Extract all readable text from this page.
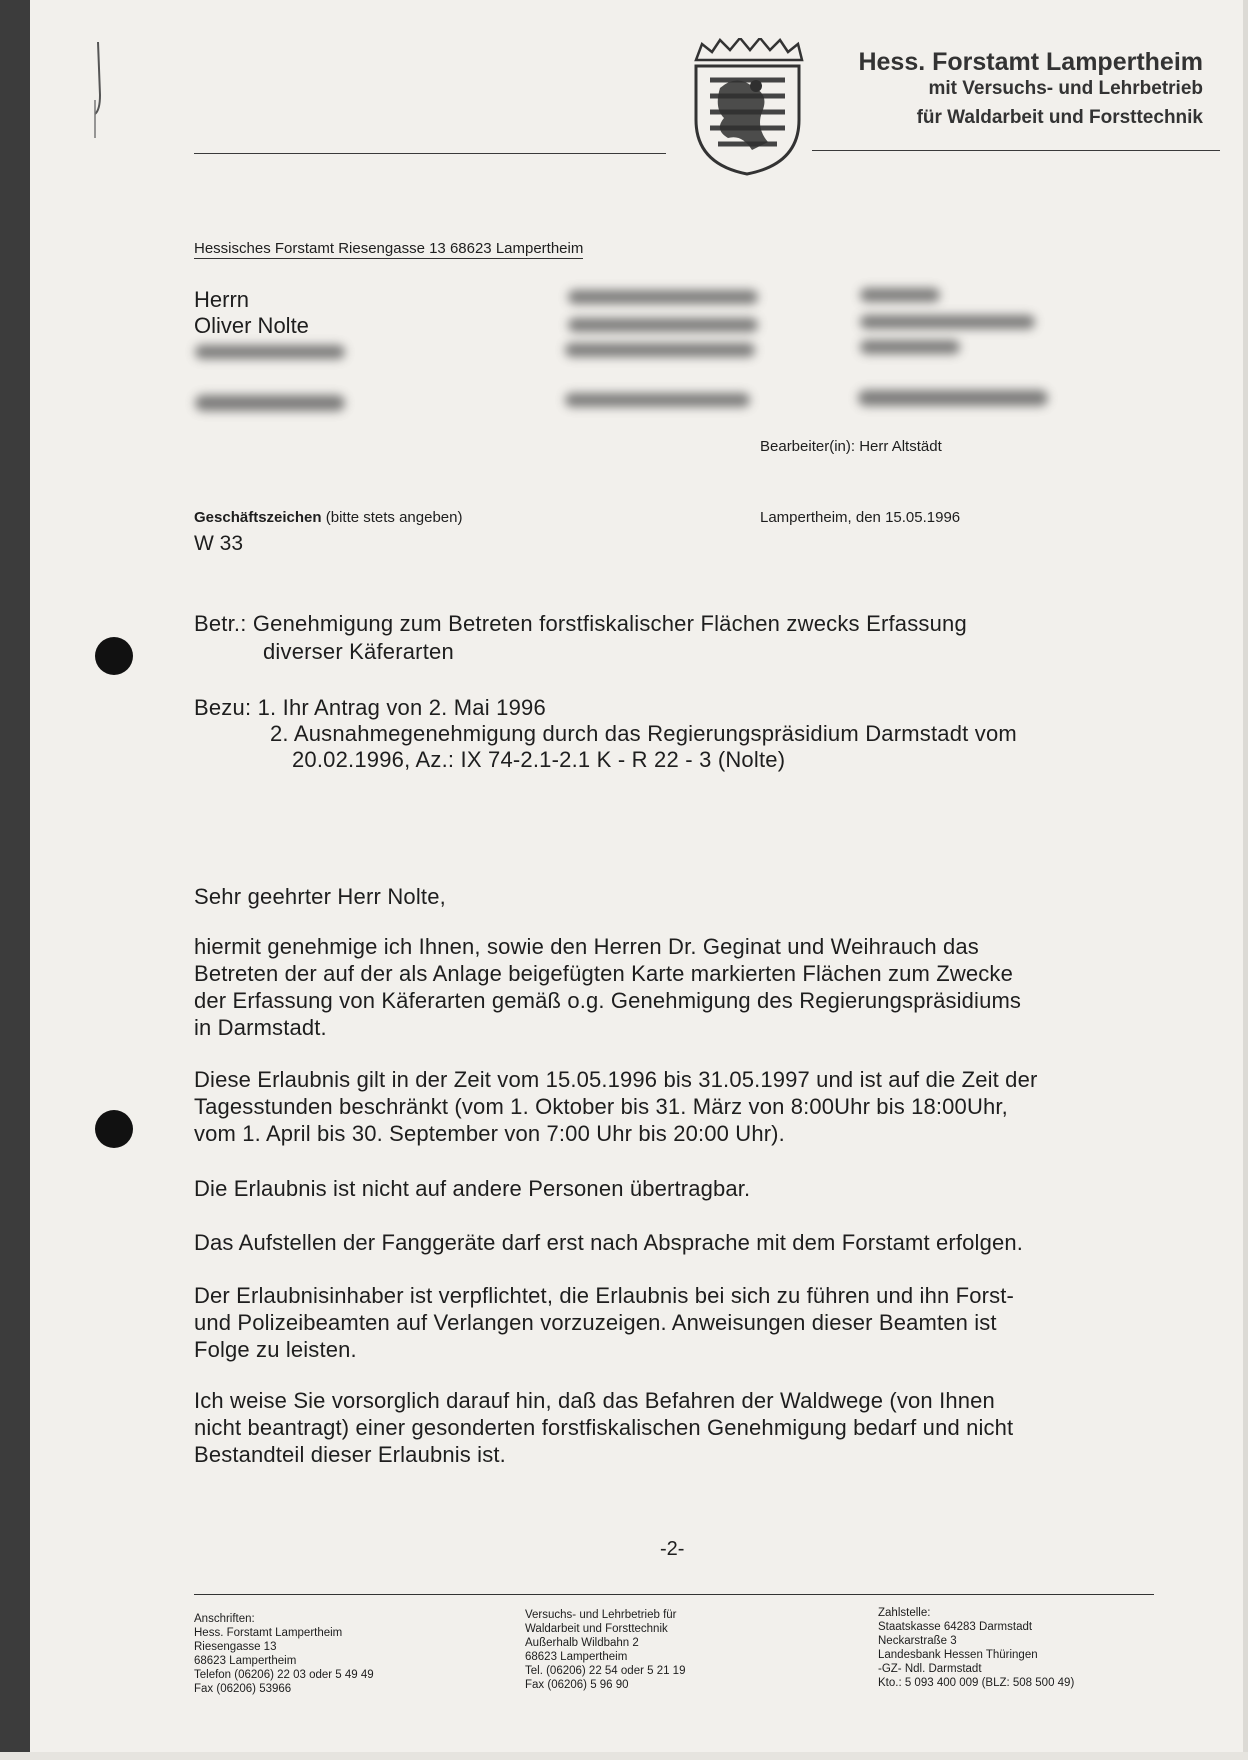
Hess. Forstamt Lampertheim
mit Versuchs- und Lehrbetrieb
für Waldarbeit und Forsttechnik
Hessisches Forstamt Riesengasse 13 68623 Lampertheim
Herrn
Oliver Nolte
Bearbeiter(in): Herr Altstädt
Geschäftszeichen (bitte stets angeben)
W 33
Lampertheim, den 15.05.1996
Betr.: Genehmigung zum Betreten forstfiskalischer Flächen zwecks Erfassung
diverser Käferarten
Bezu: 1. Ihr Antrag von 2. Mai 1996
2. Ausnahmegenehmigung durch das Regierungspräsidium Darmstadt vom
20.02.1996, Az.: IX 74-2.1-2.1 K - R 22 - 3 (Nolte)
Sehr geehrter Herr Nolte,
hiermit genehmige ich Ihnen, sowie den Herren Dr. Geginat und Weihrauch das
Betreten der auf der als Anlage beigefügten Karte markierten Flächen zum Zwecke
der Erfassung von Käferarten gemäß o.g. Genehmigung des Regierungspräsidiums
in Darmstadt.
Diese Erlaubnis gilt in der Zeit vom 15.05.1996 bis 31.05.1997 und ist auf die Zeit der
Tagesstunden beschränkt (vom 1. Oktober bis 31. März von 8:00Uhr bis 18:00Uhr,
vom 1. April bis 30. September von 7:00 Uhr bis 20:00 Uhr).
Die Erlaubnis ist nicht auf andere Personen übertragbar.
Das Aufstellen der Fanggeräte darf erst nach Absprache mit dem Forstamt erfolgen.
Der Erlaubnisinhaber ist verpflichtet, die Erlaubnis bei sich zu führen und ihn Forst-
und Polizeibeamten auf Verlangen vorzuzeigen. Anweisungen dieser Beamten ist
Folge zu leisten.
Ich weise Sie vorsorglich darauf hin, daß das Befahren der Waldwege (von Ihnen
nicht beantragt) einer gesonderten forstfiskalischen Genehmigung bedarf und nicht
Bestandteil dieser Erlaubnis ist.
-2-
Anschriften:
Hess. Forstamt Lampertheim
Riesengasse 13
68623 Lampertheim
Telefon (06206) 22 03 oder 5 49 49
Fax (06206) 53966
Versuchs- und Lehrbetrieb für
Waldarbeit und Forsttechnik
Außerhalb Wildbahn 2
68623 Lampertheim
Tel. (06206) 22 54 oder 5 21 19
Fax (06206) 5 96 90
Zahlstelle:
Staatskasse 64283 Darmstadt
Neckarstraße 3
Landesbank Hessen Thüringen
-GZ- Ndl. Darmstadt
Kto.: 5 093 400 009 (BLZ: 508 500 49)
